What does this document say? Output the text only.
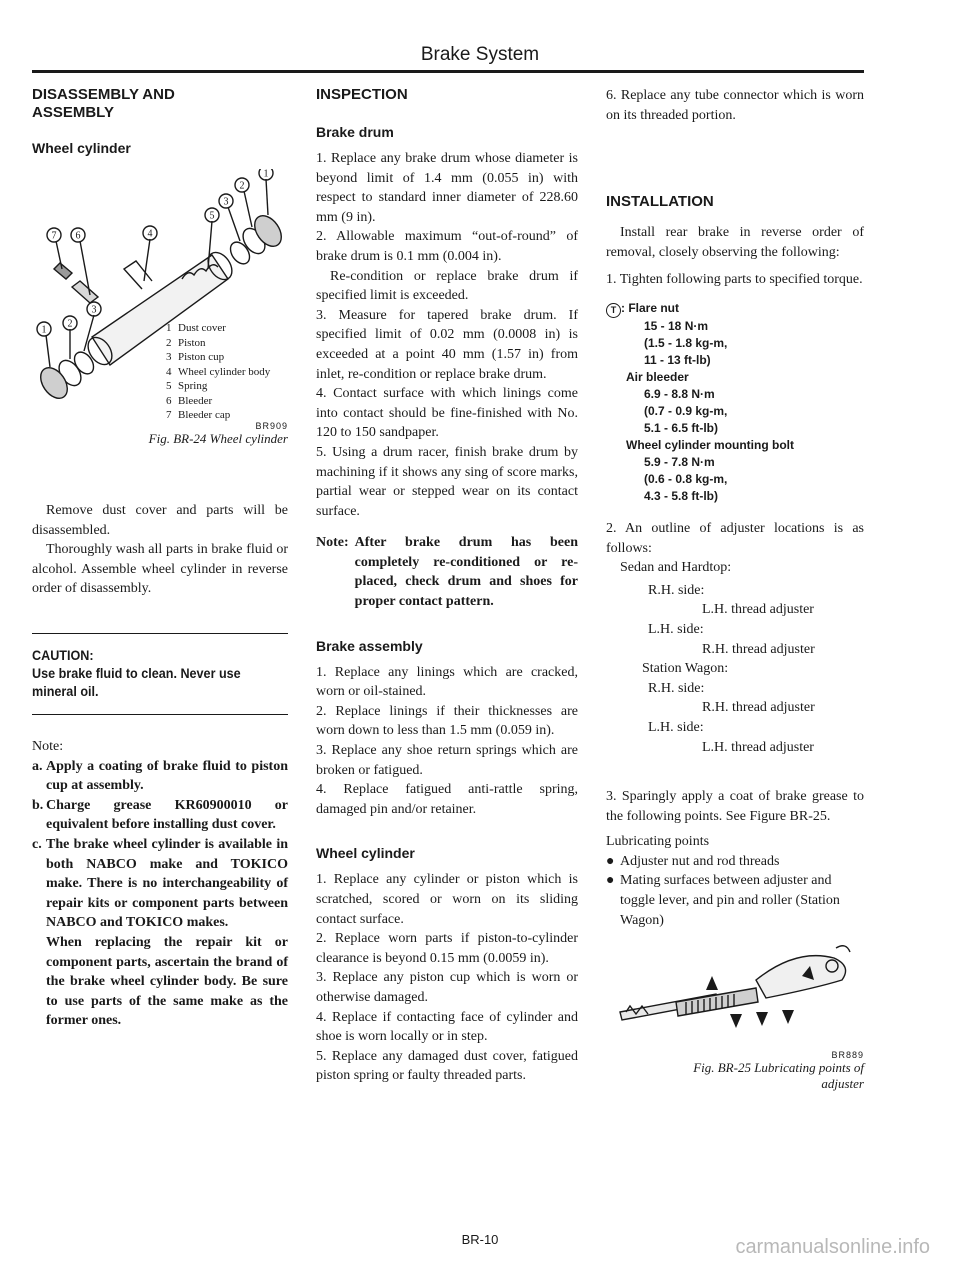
Brake System
DISASSEMBLY AND
ASSEMBLY
Wheel cylinder
1
2
3
4
5
6
7
1
2
3
1 Dust cover
2 Piston
3 Piston cup
4 Wheel cylinder body
5 Spring
6 Bleeder
7 Bleeder cap
BR909
Fig. BR-24 Wheel cylinder

Remove dust cover and parts will be disassembled.

Thoroughly wash all parts in brake fluid or alcohol. Assemble wheel cylinder in reverse order of disassembly.

CAUTION:
Use brake fluid to clean. Never use mineral oil.

Note:

a. Apply a coating of brake fluid to piston cup at assembly.
b. Charge grease KR60900010 or equivalent before installing dust cover.
c. The brake wheel cylinder is available in both NABCO make and TOKICO make. There is no interchangeability of repair kits or component parts between NABCO and TOKICO makes.
When replacing the repair kit or component parts, ascertain the brand of the brake wheel cylinder body. Be sure to use parts of the same make as the former ones.
INSPECTION
Brake drum

1. Replace any brake drum whose diameter is beyond limit of 1.4 mm (0.055 in) with respect to standard inner diameter of 228.60 mm (9 in).

2. Allowable maximum “out-of-round” of brake drum is 0.1 mm (0.004 in).

Re-condition or replace brake drum if specified limit is exceeded.

3. Measure for tapered brake drum. If specified limit of 0.02 mm (0.0008 in) is exceeded at a point 40 mm (1.57 in) from inlet, re-condition or replace brake drum.

4. Contact surface with which linings come into contact should be fine-finished with No. 120 to 150 sandpaper.

5. Using a drum racer, finish brake drum by machining if it shows any sing of score marks, partial wear or stepped wear on its contact surface.

Note: After brake drum has been completely re-conditioned or re-placed, check drum and shoes for proper contact pattern.
Brake assembly

1. Replace any linings which are cracked, worn or oil-stained.

2. Replace linings if their thicknesses are worn down to less than 1.5 mm (0.059 in).

3. Replace any shoe return springs which are broken or fatigued.

4. Replace fatigued anti-rattle spring, damaged pin and/or retainer.

Wheel cylinder

1. Replace any cylinder or piston which is scratched, scored or worn on its sliding contact surface.

2. Replace worn parts if piston-to-cylinder clearance is beyond 0.15 mm (0.0059 in).

3. Replace any piston cup which is worn or otherwise damaged.

4. Replace if contacting face of cylinder and shoe is worn locally or in step.

5. Replace any damaged dust cover, fatigued piston spring or faulty threaded parts.

6. Replace any tube connector which is worn on its threaded portion.

INSTALLATION

Install rear brake in reverse order of removal, closely observing the following:

1. Tighten following parts to specified torque.

T : Flare nut
15 - 18 N·m
(1.5 - 1.8 kg-m,
11 - 13 ft-lb)
Air bleeder
6.9 - 8.8 N·m
(0.7 - 0.9 kg-m,
5.1 - 6.5 ft-lb)
Wheel cylinder mounting bolt
5.9 - 7.8 N·m
(0.6 - 0.8 kg-m,
4.3 - 5.8 ft-lb)

2. An outline of adjuster locations is as follows:

Sedan and Hardtop:

R.H. side:

L.H. thread adjuster

L.H. side:

R.H. thread adjuster

Station Wagon:

R.H. side:

R.H. thread adjuster

L.H. side:

L.H. thread adjuster

3. Sparingly apply a coat of brake grease to the following points. See Figure BR-25.

Lubricating points

● Adjuster nut and rod threads
● Mating surfaces between adjuster and toggle lever, and pin and roller (Station Wagon)
BR889
Fig. BR-25 Lubricating points of
adjuster
BR-10	carmanualsonline.info
